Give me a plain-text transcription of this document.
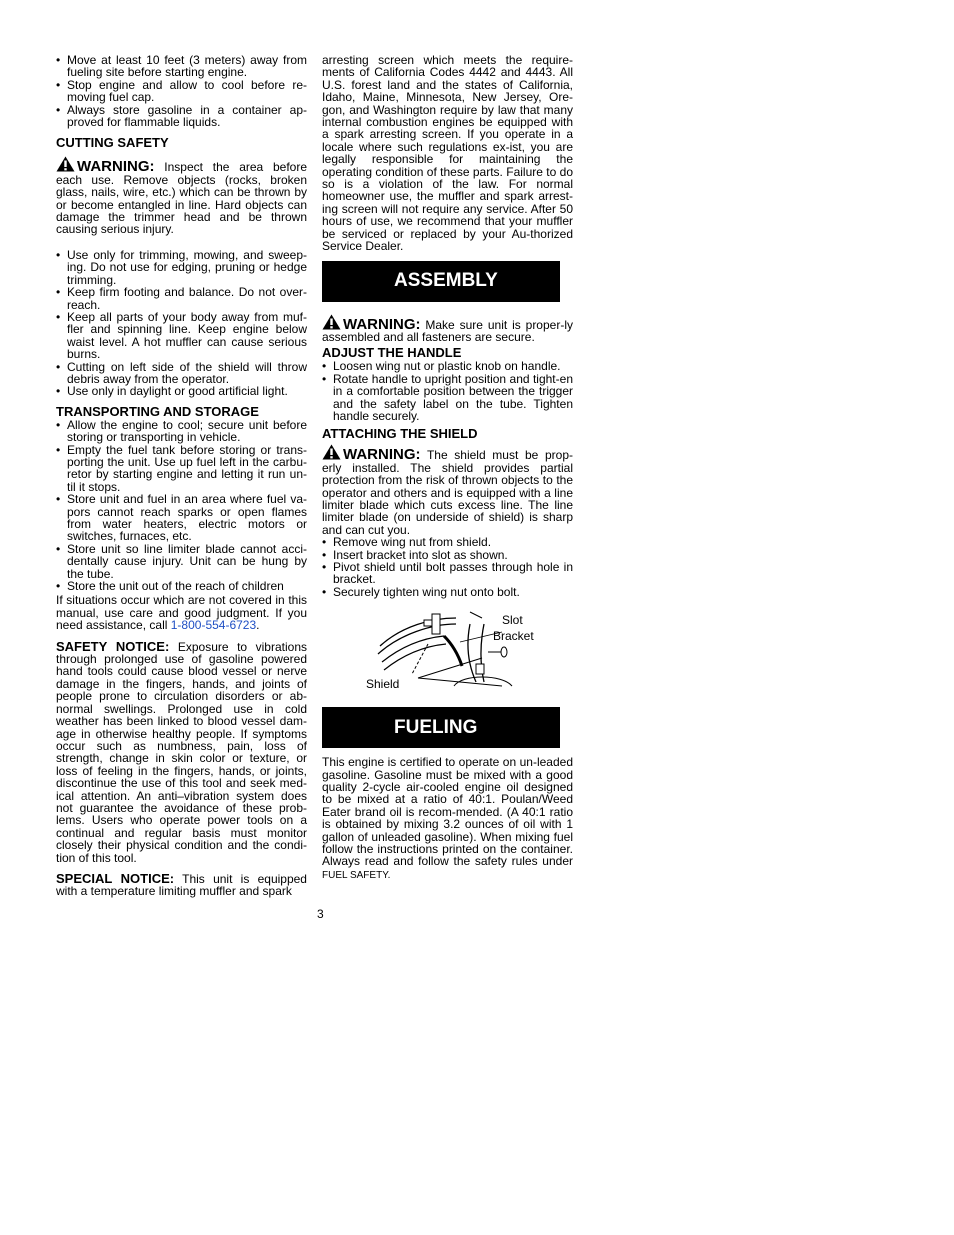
• Move at least 10 feet (3 meters) away from fueling site before starting engine.
• Stop engine and allow to cool before re-moving fuel cap.
• Always store gasoline in a container ap-proved for flammable liquids.
CUTTING SAFETY

WARNING: Inspect the area before each use. Remove objects (rocks, broken glass, nails, wire, etc.) which can be thrown by or become entangled in line. Hard objects can damage the trimmer head and be thrown causing serious injury.

• Use only for trimming, mowing, and sweep-ing. Do not use for edging, pruning or hedge trimming.
• Keep firm footing and balance. Do not over-reach.
• Keep all parts of your body away from muf-fler and spinning line. Keep engine below waist level. A hot muffler can cause serious burns.
• Cutting on left side of the shield will throw debris away from the operator.
• Use only in daylight or good artificial light.
TRANSPORTING AND STORAGE
• Allow the engine to cool; secure unit before storing or transporting in vehicle.
• Empty the fuel tank before storing or trans-porting the unit. Use up fuel left in the carbu-retor by starting engine and letting it run un-til it stops.
• Store unit and fuel in an area where fuel va-pors cannot reach sparks or open flames from water heaters, electric motors or switches, furnaces, etc.
• Store unit so line limiter blade cannot acci-dentally cause injury. Unit can be hung by the tube.
• Store the unit out of the reach of children

If situations occur which are not covered in this manual, use care and good judgment. If you need assistance, call 1-800-554-6723.

SAFETY NOTICE: Exposure to vibrations through prolonged use of gasoline powered hand tools could cause blood vessel or nerve damage in the fingers, hands, and joints of people prone to circulation disorders or ab-normal swellings. Prolonged use in cold weather has been linked to blood vessel dam-age in otherwise healthy people. If symptoms occur such as numbness, pain, loss of strength, change in skin color or texture, or loss of feeling in the fingers, hands, or joints, discontinue the use of this tool and seek med-ical attention. An anti–vibration system does not guarantee the avoidance of these prob-lems. Users who operate power tools on a continual and regular basis must monitor closely their physical condition and the condi-tion of this tool.

SPECIAL NOTICE: This unit is equipped with a temperature limiting muffler and spark

arresting screen which meets the require-ments of California Codes 4442 and 4443. All U.S. forest land and the states of California, Idaho, Maine, Minnesota, New Jersey, Ore-gon, and Washington require by law that many internal combustion engines be equipped with a spark arresting screen. If you operate in a locale where such regulations ex-ist, you are legally responsible for maintaining the operating condition of these parts. Failure to do so is a violation of the law. For normal homeowner use, the muffler and spark arrest-ing screen will not require any service. After 50 hours of use, we recommend that your muffler be serviced or replaced by your Au-thorized Service Dealer.

ASSEMBLY

WARNING: Make sure unit is proper-ly assembled and all fasteners are secure.

ADJUST THE HANDLE
• Loosen wing nut or plastic knob on handle.
• Rotate handle to upright position and tight-en in a comfortable position between the trigger and the safety label on the tube. Tighten handle securely.
ATTACHING THE SHIELD

WARNING: The shield must be prop-erly installed. The shield provides partial protection from the risk of thrown objects to the operator and others and is equipped with a line limiter blade which cuts excess line. The line limiter blade (on underside of shield) is sharp and can cut you.

• Remove wing nut from shield.
• Insert bracket into slot as shown.
• Pivot shield until bolt passes through hole in bracket.
• Securely tighten wing nut onto bolt.
Slot
Bracket
Shield
FUELING

This engine is certified to operate on un-leaded gasoline. Gasoline must be mixed with a good quality 2-cycle air-cooled engine oil designed to be mixed at a ratio of 40:1. Poulan/Weed Eater brand oil is recom-mended. (A 40:1 ratio is obtained by mixing 3.2 ounces of oil with 1 gallon of unleaded gasoline). When mixing fuel follow the instructions printed on the container. Always read and follow the safety rules under FUEL SAFETY.

3
